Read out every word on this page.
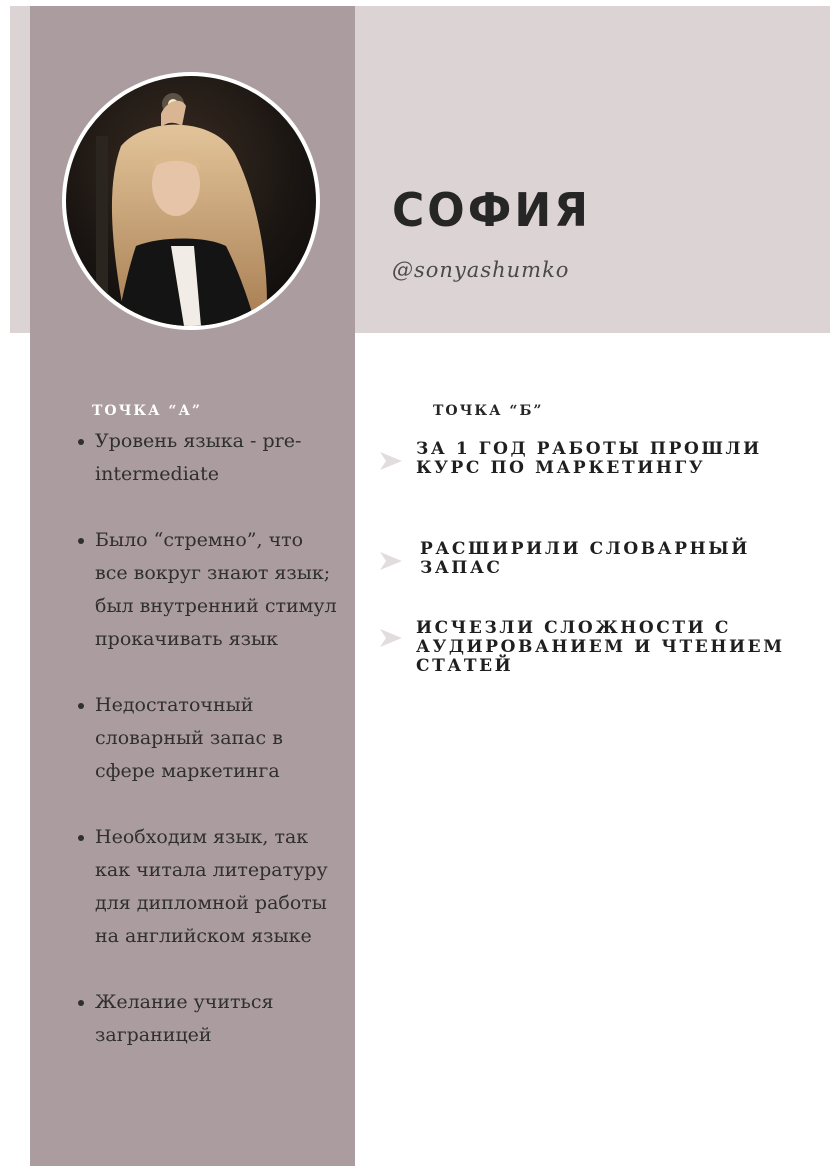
СОФИЯ
@sonyashumko
ТОЧКА “А”
Уровень языка - pre-intermediate
Было “стремно”, что все вокруг знают язык; был внутренний стимул прокачивать язык
Недостаточный словарный запас в сфере маркетинга
Необходим язык, так как читала литературу для дипломной работы на английском языке
Желание учиться заграницей
ТОЧКА “Б”
ЗА 1 ГОД РАБОТЫ ПРОШЛИ КУРС ПО МАРКЕТИНГУ
РАСШИРИЛИ СЛОВАРНЫЙ ЗАПАС
ИСЧЕЗЛИ СЛОЖНОСТИ С АУДИРОВАНИЕМ И ЧТЕНИЕМ СТАТЕЙ
